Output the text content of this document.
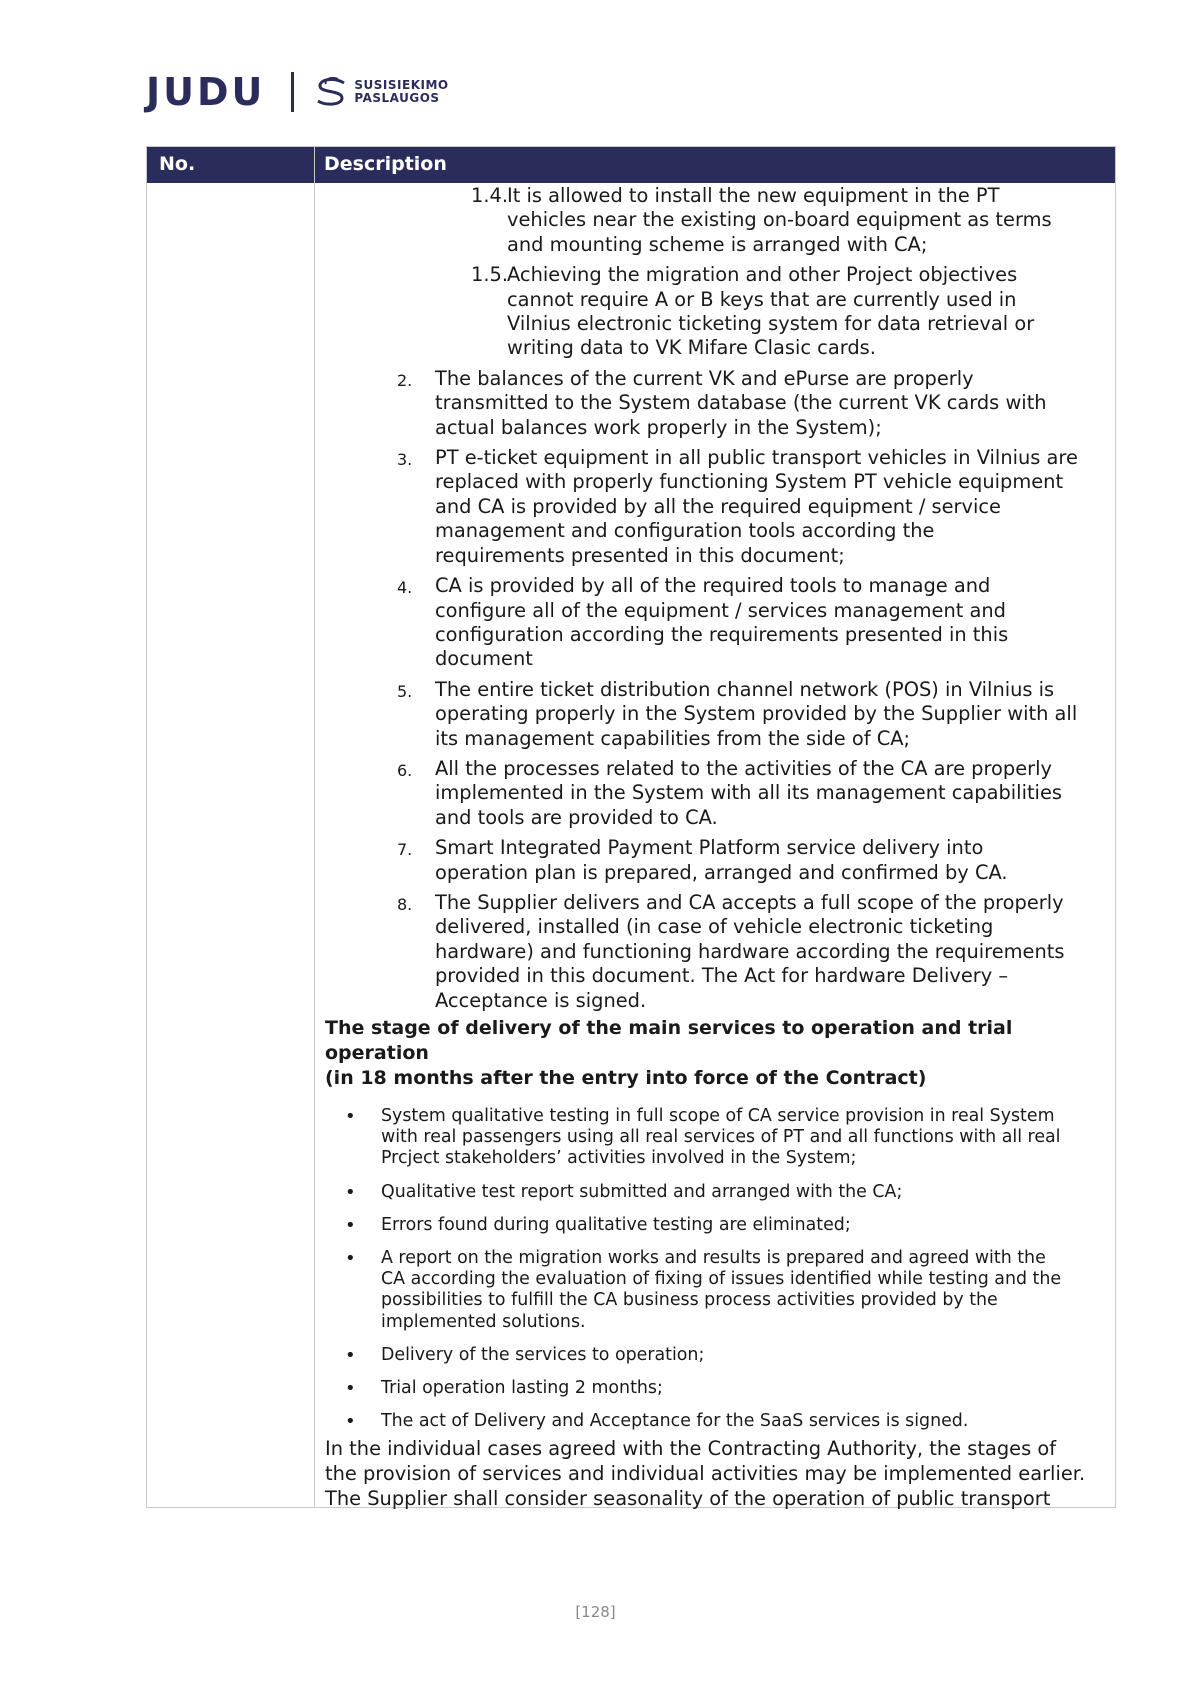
JUDU	SUSISIEKIMO
PASLAUGOS
No.	Description
1.4.
It is allowed to install the new equipment in the PT
vehicles near the existing on-board equipment as terms
and mounting scheme is arranged with CA;
1.5.
Achieving the migration and other Project objectives
cannot require A or B keys that are currently used in
Vilnius electronic ticketing system for data retrieval or
writing data to VK Mifare Clasic cards.
2. The balances of the current VK and ePurse are properly
transmitted to the System database (the current VK cards with
actual balances work properly in the System);
3. PT e-ticket equipment in all public transport vehicles in Vilnius are
replaced with properly functioning System PT vehicle equipment
and CA is provided by all the required equipment / service
management and configuration tools according the
requirements presented in this document;
4. CA is provided by all of the required tools to manage and
configure all of the equipment / services management and
configuration according the requirements presented in this
document
5. The entire ticket distribution channel network (POS) in Vilnius is
operating properly in the System provided by the Supplier with all
its management capabilities from the side of CA;
6. All the processes related to the activities of the CA are properly
implemented in the System with all its management capabilities
and tools are provided to CA.
7. Smart Integrated Payment Platform service delivery into
operation plan is prepared, arranged and confirmed by CA.
8. The Supplier delivers and CA accepts a full scope of the properly
delivered, installed (in case of vehicle electronic ticketing
hardware) and functioning hardware according the requirements
provided in this document. The Act for hardware Delivery –
Acceptance is signed.
The stage of delivery of the main services to operation and trial operation
(in 18 months after the entry into force of the Contract)
• System qualitative testing in full scope of CA service provision in real System
with real passengers using all real services of PT and all functions with all real
Prcject stakeholders’ activities involved in the System;
• Qualitative test report submitted and arranged with the CA;
• Errors found during qualitative testing are eliminated;
• A report on the migration works and results is prepared and agreed with the
CA according the evaluation of fixing of issues identified while testing and the
possibilities to fulfill the CA business process activities provided by the
implemented solutions.
• Delivery of the services to operation;
• Trial operation lasting 2 months;
• The act of Delivery and Acceptance for the SaaS services is signed.
In the individual cases agreed with the Contracting Authority, the stages of
the provision of services and individual activities may be implemented earlier.
The Supplier shall consider seasonality of the operation of public transport
[128]
